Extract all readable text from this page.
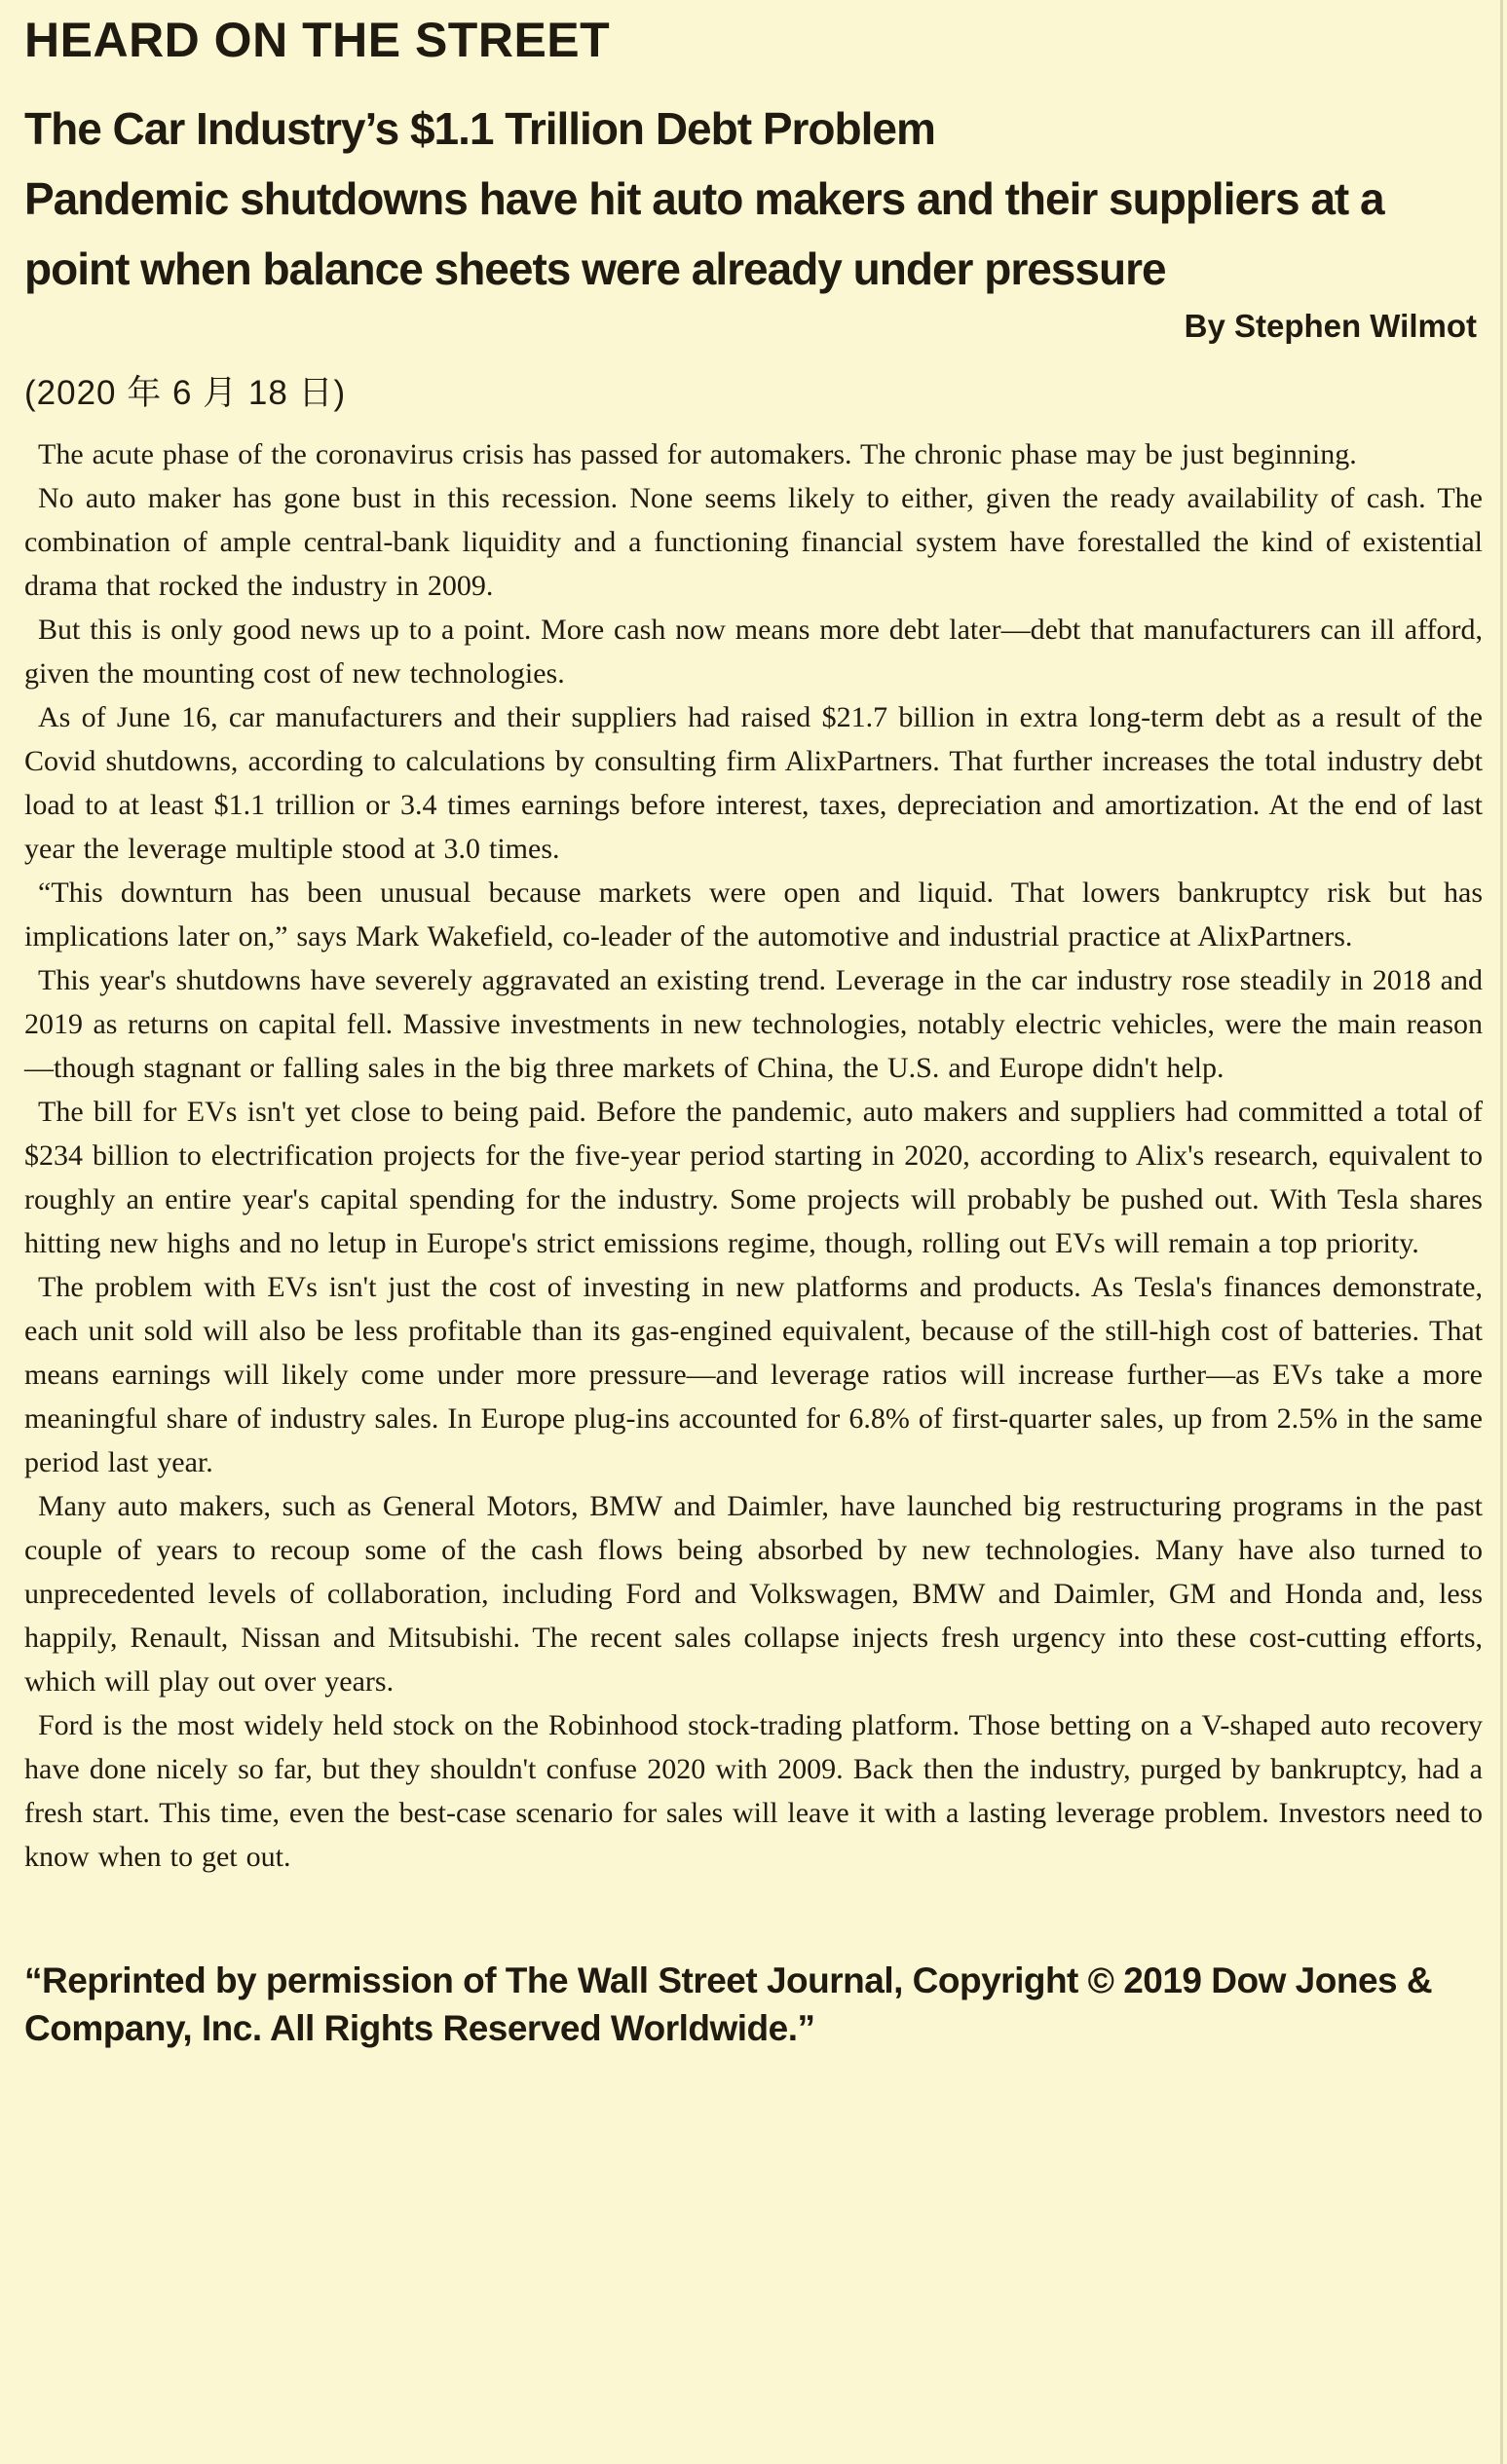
HEARD ON THE STREET
The Car Industry’s $1.1 Trillion Debt Problem
Pandemic shutdowns have hit auto makers and their suppliers at a point when balance sheets were already under pressure
By Stephen Wilmot
(2020 年 6 月 18 日)

The acute phase of the coronavirus crisis has passed for automakers. The chronic phase may be just beginning.

No auto maker has gone bust in this recession. None seems likely to either, given the ready availability of cash. The combination of ample central-bank liquidity and a functioning financial system have forestalled the kind of existential drama that rocked the industry in 2009.

But this is only good news up to a point. More cash now means more debt later—debt that manufacturers can ill afford, given the mounting cost of new technologies.

As of June 16, car manufacturers and their suppliers had raised $21.7 billion in extra long-term debt as a result of the Covid shutdowns, according to calculations by consulting firm AlixPartners. That further increases the total industry debt load to at least $1.1 trillion or 3.4 times earnings before interest, taxes, depreciation and amortization. At the end of last year the leverage multiple stood at 3.0 times.

“This downturn has been unusual because markets were open and liquid. That lowers bankruptcy risk but has implications later on,” says Mark Wakefield, co-leader of the automotive and industrial practice at AlixPartners.

This year's shutdowns have severely aggravated an existing trend. Leverage in the car industry rose steadily in 2018 and 2019 as returns on capital fell. Massive investments in new technologies, notably electric vehicles, were the main reason—though stagnant or falling sales in the big three markets of China, the U.S. and Europe didn't help.

The bill for EVs isn't yet close to being paid. Before the pandemic, auto makers and suppliers had committed a total of $234 billion to electrification projects for the five-year period starting in 2020, according to Alix's research, equivalent to roughly an entire year's capital spending for the industry. Some projects will probably be pushed out. With Tesla shares hitting new highs and no letup in Europe's strict emissions regime, though, rolling out EVs will remain a top priority.

The problem with EVs isn't just the cost of investing in new platforms and products. As Tesla's finances demonstrate, each unit sold will also be less profitable than its gas-engined equivalent, because of the still-high cost of batteries. That means earnings will likely come under more pressure—and leverage ratios will increase further—as EVs take a more meaningful share of industry sales. In Europe plug-ins accounted for 6.8% of first-quarter sales, up from 2.5% in the same period last year.

Many auto makers, such as General Motors, BMW and Daimler, have launched big restructuring programs in the past couple of years to recoup some of the cash flows being absorbed by new technologies. Many have also turned to unprecedented levels of collaboration, including Ford and Volkswagen, BMW and Daimler, GM and Honda and, less happily, Renault, Nissan and Mitsubishi. The recent sales collapse injects fresh urgency into these cost-cutting efforts, which will play out over years.

Ford is the most widely held stock on the Robinhood stock-trading platform. Those betting on a V-shaped auto recovery have done nicely so far, but they shouldn't confuse 2020 with 2009. Back then the industry, purged by bankruptcy, had a fresh start. This time, even the best-case scenario for sales will leave it with a lasting leverage problem. Investors need to know when to get out.

“Reprinted by permission of The Wall Street Journal, Copyright © 2019 Dow Jones & Company, Inc. All Rights Reserved Worldwide.”
